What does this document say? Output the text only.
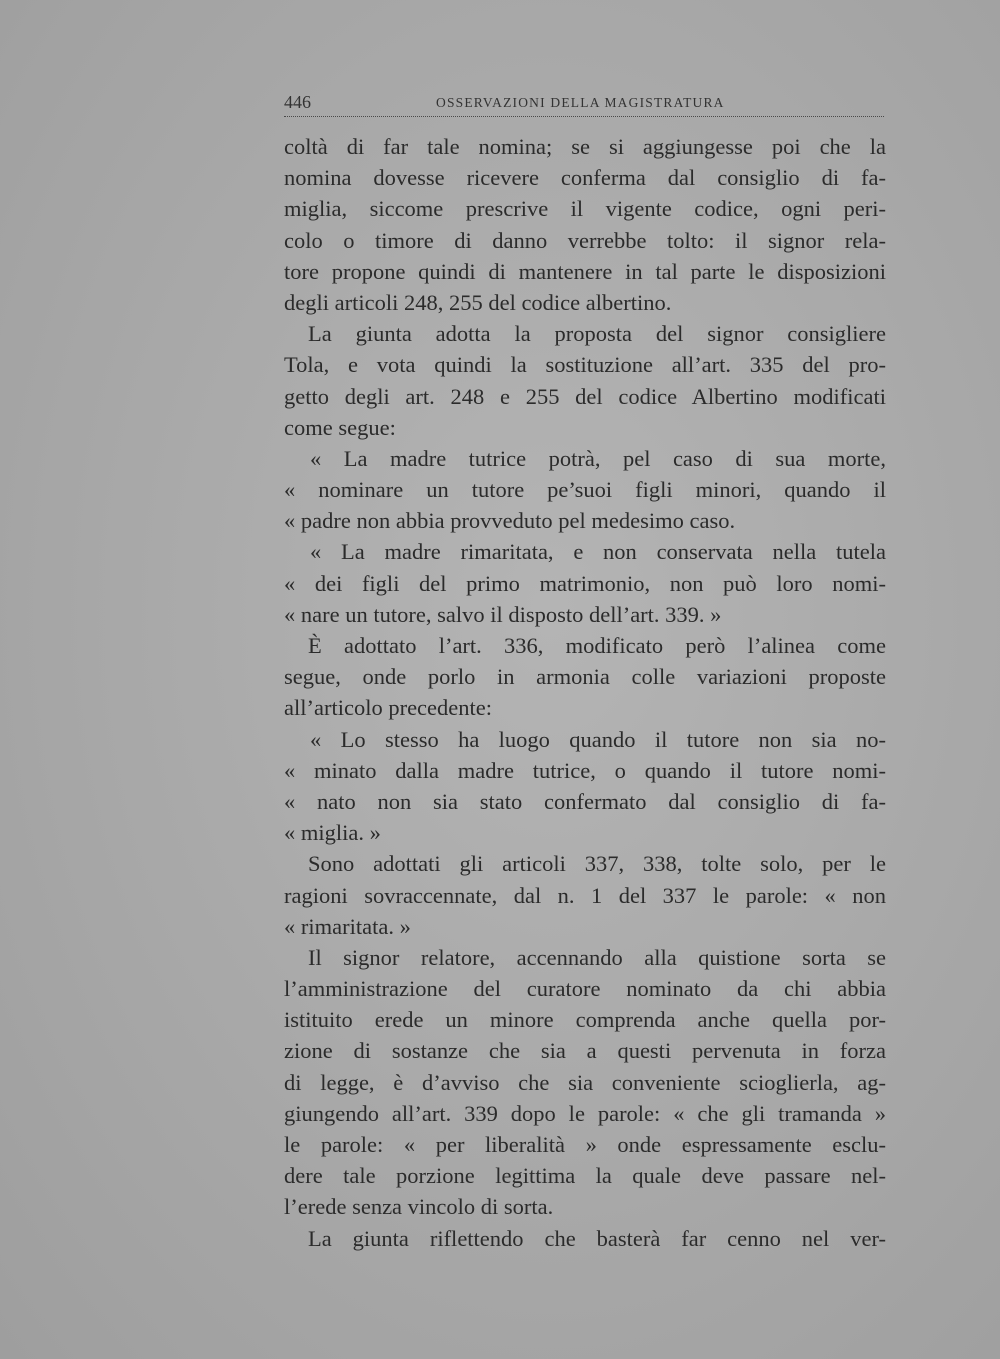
446	OSSERVAZIONI DELLA MAGISTRATURA
coltà di far tale nomina; se si aggiungesse poi che la
nomina dovesse ricevere conferma dal consiglio di fa-
miglia, siccome prescrive il vigente codice, ogni peri-
colo o timore di danno verrebbe tolto: il signor rela-
tore propone quindi di mantenere in tal parte le disposizioni
degli articoli 248, 255 del codice albertino.
La giunta adotta la proposta del signor consigliere
Tola, e vota quindi la sostituzione all’art. 335 del pro-
getto degli art. 248 e 255 del codice Albertino modificati
come segue:
« La madre tutrice potrà, pel caso di sua morte,
« nominare un tutore pe’suoi figli minori, quando il
« padre non abbia provveduto pel medesimo caso.
« La madre rimaritata, e non conservata nella tutela
« dei figli del primo matrimonio, non può loro nomi-
« nare un tutore, salvo il disposto dell’art. 339. »
È adottato l’art. 336, modificato però l’alinea come
segue, onde porlo in armonia colle variazioni proposte
all’articolo precedente:
« Lo stesso ha luogo quando il tutore non sia no-
« minato dalla madre tutrice, o quando il tutore nomi-
« nato non sia stato confermato dal consiglio di fa-
« miglia. »
Sono adottati gli articoli 337, 338, tolte solo, per le
ragioni sovraccennate, dal n. 1 del 337 le parole: « non
« rimaritata. »
Il signor relatore, accennando alla quistione sorta se
l’amministrazione del curatore nominato da chi abbia
istituito erede un minore comprenda anche quella por-
zione di sostanze che sia a questi pervenuta in forza
di legge, è d’avviso che sia conveniente scioglierla, ag-
giungendo all’art. 339 dopo le parole: « che gli tramanda »
le parole: « per liberalità » onde espressamente esclu-
dere tale porzione legittima la quale deve passare nel-
l’erede senza vincolo di sorta.
La giunta riflettendo che basterà far cenno nel ver-
